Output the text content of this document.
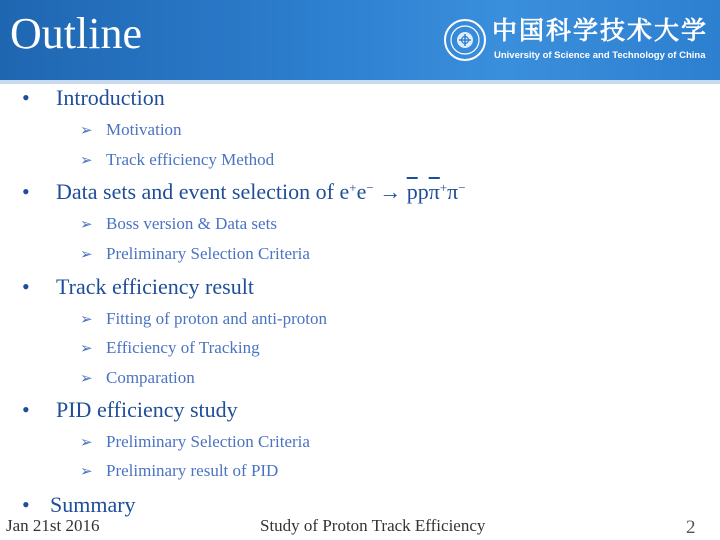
Outline	中国科学技术大学
University of Science and Technology of China
• Introduction
➢ Motivation
➢ Track efficiency Method
• Data sets and event selection of $e^+e^- \to \overline{p}p\overline{\pi}^+\pi^-$
➢ Boss version & Data sets
➢ Preliminary Selection Criteria
• Track efficiency result
➢ Fitting of proton and anti-proton
➢ Efficiency of Tracking
➢ Comparation
• PID efficiency study
➢ Preliminary Selection Criteria
➢ Preliminary result of PID
• Summary
Jan 21st 2016	Study of Proton Track Efficiency	2
